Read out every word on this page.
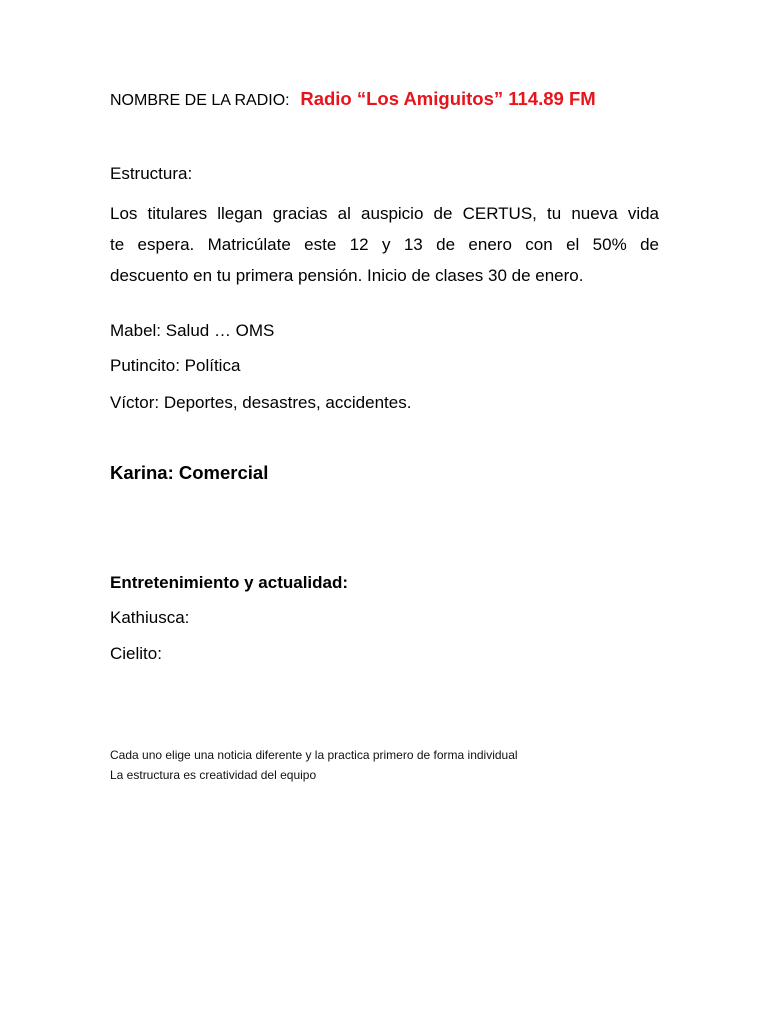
NOMBRE DE LA RADIO: Radio “Los Amiguitos” 114.89 FM
Estructura:
Los titulares llegan gracias al auspicio de CERTUS, tu nueva vida
te espera. Matricúlate este 12 y 13 de enero con el 50% de
descuento en tu primera pensión. Inicio de clases 30 de enero.
Mabel: Salud … OMS
Putincito: Política
Víctor: Deportes, desastres, accidentes.
Karina: Comercial
Entretenimiento y actualidad:
Kathiusca:
Cielito:
Cada uno elige una noticia diferente y la practica primero de forma individual
La estructura es creatividad del equipo
